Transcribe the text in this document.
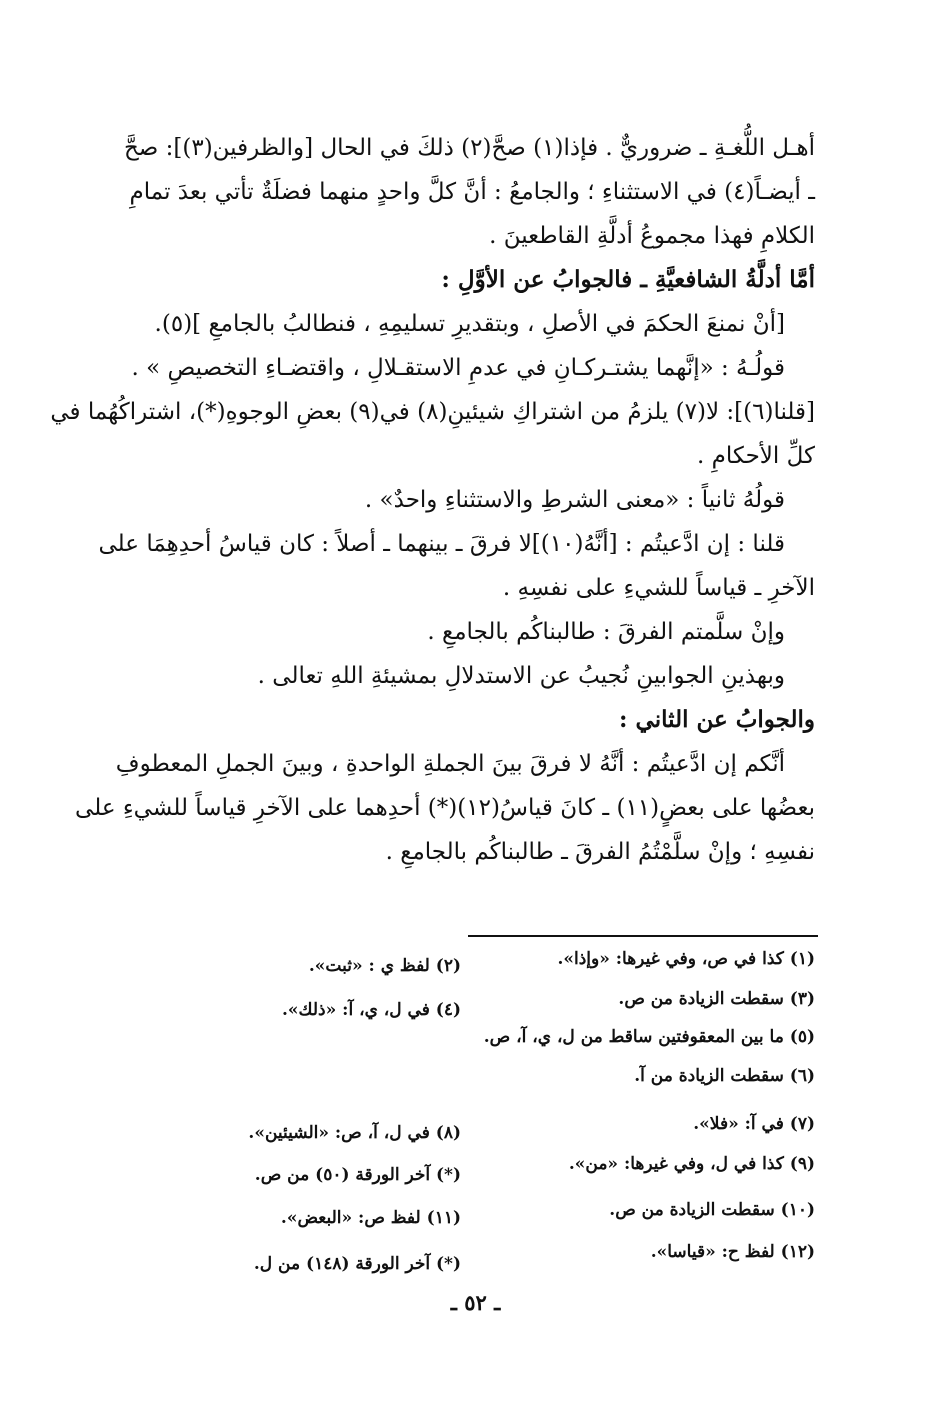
أهـل اللُّغـةِ ـ ضروريٌّ . فإذا(١) صحَّ(٢) ذلكَ في الحال [والظرفين(٣)]: صحَّ
ـ أيضـاً(٤) في الاستثناءِ ؛ والجامعُ : أنَّ كلَّ واحدٍ منهما فضلَةٌ تأتي بعدَ تمامِ
الكلامِ فهذا مجموعُ أدلَّةِ القاطعينَ .
أمَّا أدلَّةُ الشافعيَّةِ ـ فالجوابُ عن الأوَّلِ :
[أنْ نمنعَ الحكمَ في الأصلِ ، وبتقديرِ تسليمِهِ ، فنطالبُ بالجامعِ ](٥).
قولُـهُ : «إنَّهما يشتـركـانِ في عدمِ الاستقـلالِ ، واقتضـاءِ التخصيصِ » .
[قلنا(٦)]: لا(٧) يلزمُ من اشتراكِ شيئينِ(٨) في(٩) بعضِ الوجوهِ(*)، اشتراكُهُما في
كلِّ الأحكامِ .
قولُهُ ثانياً : «معنى الشرطِ والاستثناءِ واحدٌ» .
قلنا : إن ادَّعيتُم : [أنَّهُ(١٠)]لا فرقَ ـ بينهما ـ أصلاً : كان قياسُ أحدِهِمَا على
الآخرِ ـ قياساً للشيءِ على نفسِهِ .
وإنْ سلَّمتم الفرقَ : طالبناكُم بالجامعِ .
وبهذينِ الجوابينِ نُجيبُ عن الاستدلالِ بمشيئةِ اللهِ تعالى .
والجوابُ عن الثاني :
أنَّكم إن ادَّعيتُم : أنَّهُ لا فرقَ بينَ الجملةِ الواحدةِ ، وبينَ الجملِ المعطوفِ
بعضُها على بعضٍ(١١) ـ كانَ قياسُ(١٢)(*) أحدِهما على الآخرِ قياساً للشيءِ على
نفسِهِ ؛ وإنْ سلَّمْتُمُ الفرقَ ـ طالبناكُم بالجامعِ .
(١) كذا في ص، وفي غيرها: «وإذا».
(٢) لفظ ي : «ثبت».
(٣) سقطت الزيادة من ص.
(٤) في ل، ي، آ: «ذلك».
(٥) ما بين المعقوفتين ساقط من ل، ي، آ، ص.
(٦) سقطت الزيادة من آ.
(٧) في آ: «فلا».
(٨) في ل، آ، ص: «الشيئين».
(٩) كذا في ل، وفي غيرها: «من».
(*) آخر الورقة (٥٠) من ص.
(١٠) سقطت الزيادة من ص.
(١١) لفظ ص: «البعض».
(١٢) لفظ ح: «قياسا».
(*) آخر الورقة (١٤٨) من ل.
ـ ٥٢ ـ
